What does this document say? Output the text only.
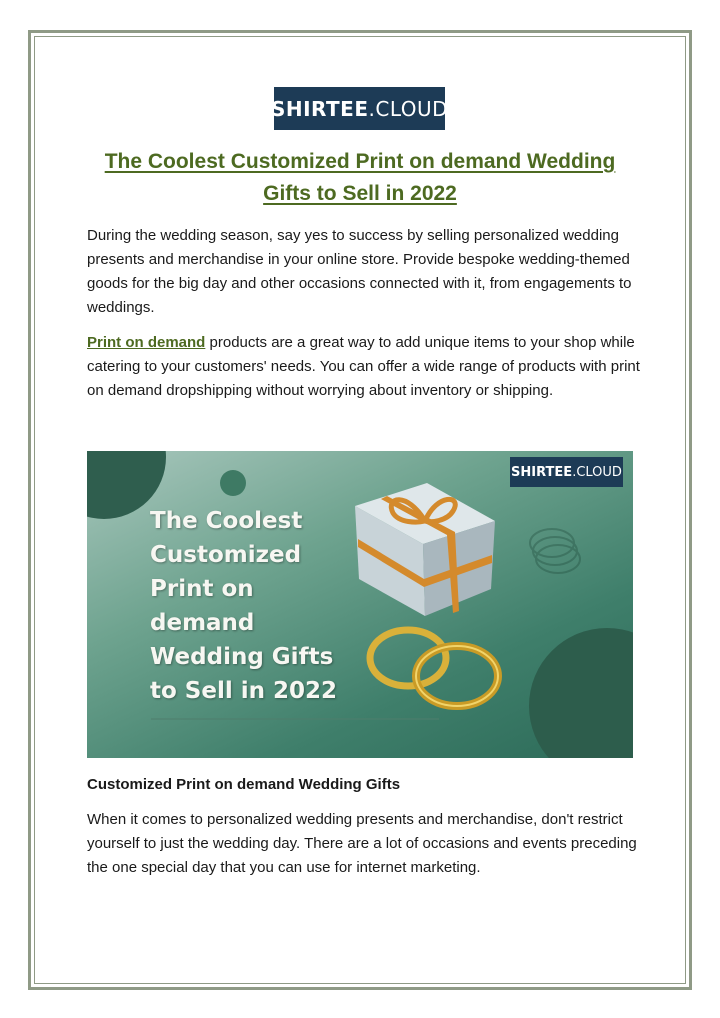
SHIRTEE .CLOUD
The Coolest Customized Print on demand Wedding Gifts to Sell in 2022

During the wedding season, say yes to success by selling personalized wedding presents and merchandise in your online store. Provide bespoke wedding-themed goods for the big day and other occasions connected with it, from engagements to weddings.

Print on demand products are a great way to add unique items to your shop while catering to your customers' needs. You can offer a wide range of products with print on demand dropshipping without worrying about inventory or shipping.

SHIRTEE .CLOUD
The Coolest
Customized
Print on
demand
Wedding Gifts
to Sell in 2022
Customized Print on demand Wedding Gifts

When it comes to personalized wedding presents and merchandise, don't restrict yourself to just the wedding day. There are a lot of occasions and events preceding the one special day that you can use for internet marketing.
